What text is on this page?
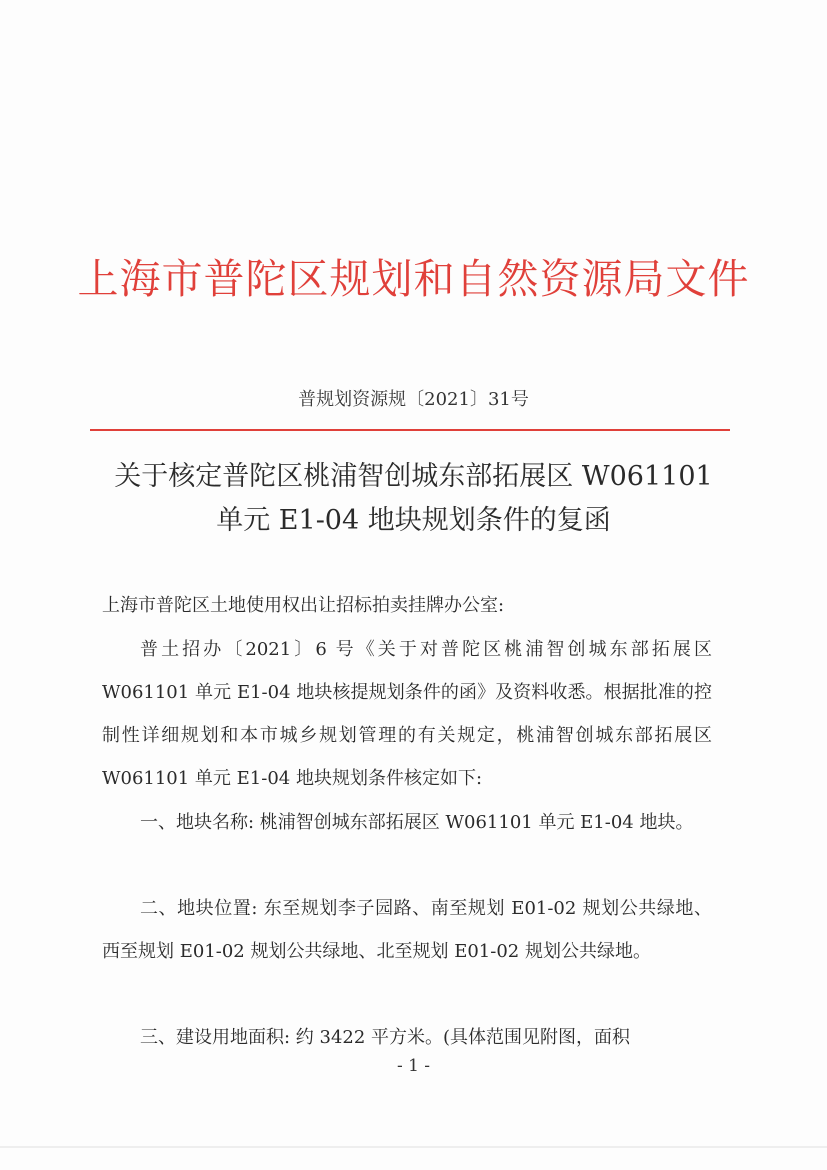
上海市普陀区规划和自然资源局文件
普规划资源规〔2021〕31号
关于核定普陀区桃浦智创城东部拓展区 W061101
单元 E1-04 地块规划条件的复函
上海市普陀区土地使用权出让招标拍卖挂牌办公室:
普土招办〔2021〕6 号《关于对普陀区桃浦智创城东部拓展区 W061101 单元 E1-04 地块核提规划条件的函》及资料收悉。根据批准的控制性详细规划和本市城乡规划管理的有关规定，桃浦智创城东部拓展区 W061101 单元 E1-04 地块规划条件核定如下:
一、地块名称: 桃浦智创城东部拓展区 W061101 单元 E1-04 地块。
二、地块位置: 东至规划李子园路、南至规划 E01-02 规划公共绿地、西至规划 E01-02 规划公共绿地、北至规划 E01-02 规划公共绿地。
三、建设用地面积: 约 3422 平方米。(具体范围见附图，面积
- 1 -
